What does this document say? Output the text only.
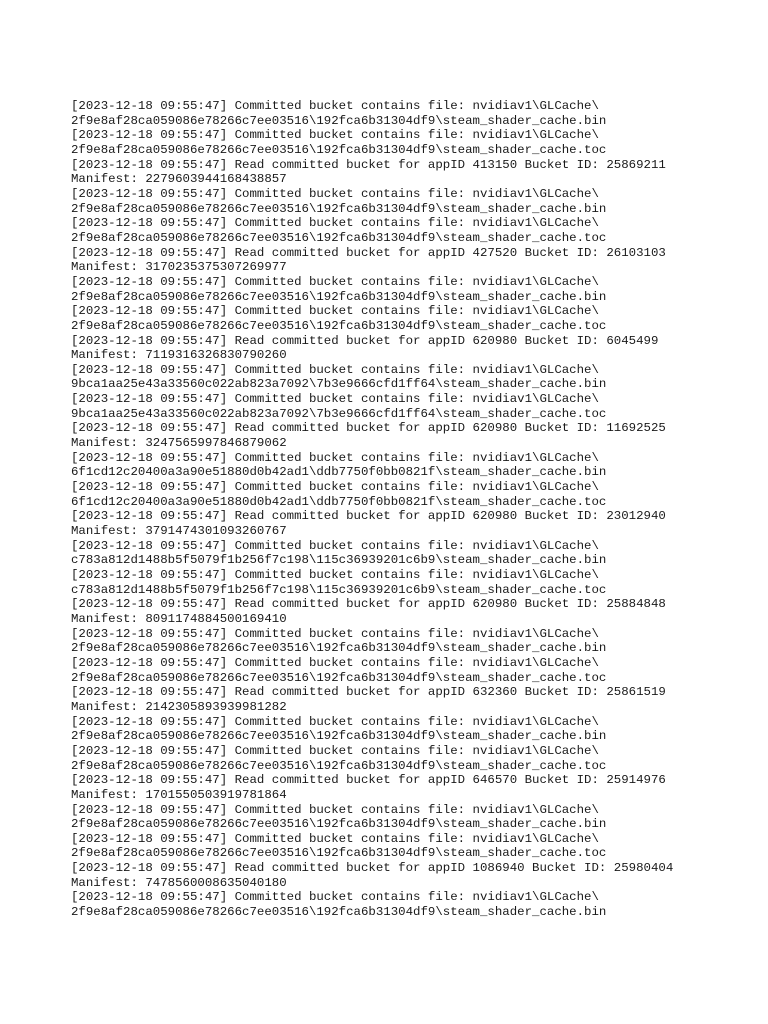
[2023-12-18 09:55:47] Committed bucket contains file: nvidiav1\GLCache\
2f9e8af28ca059086e78266c7ee03516\192fca6b31304df9\steam_shader_cache.bin
[2023-12-18 09:55:47] Committed bucket contains file: nvidiav1\GLCache\
2f9e8af28ca059086e78266c7ee03516\192fca6b31304df9\steam_shader_cache.toc
[2023-12-18 09:55:47] Read committed bucket for appID 413150 Bucket ID: 25869211
Manifest: 2279603944168438857
[2023-12-18 09:55:47] Committed bucket contains file: nvidiav1\GLCache\
2f9e8af28ca059086e78266c7ee03516\192fca6b31304df9\steam_shader_cache.bin
[2023-12-18 09:55:47] Committed bucket contains file: nvidiav1\GLCache\
2f9e8af28ca059086e78266c7ee03516\192fca6b31304df9\steam_shader_cache.toc
[2023-12-18 09:55:47] Read committed bucket for appID 427520 Bucket ID: 26103103
Manifest: 3170235375307269977
[2023-12-18 09:55:47] Committed bucket contains file: nvidiav1\GLCache\
2f9e8af28ca059086e78266c7ee03516\192fca6b31304df9\steam_shader_cache.bin
[2023-12-18 09:55:47] Committed bucket contains file: nvidiav1\GLCache\
2f9e8af28ca059086e78266c7ee03516\192fca6b31304df9\steam_shader_cache.toc
[2023-12-18 09:55:47] Read committed bucket for appID 620980 Bucket ID: 6045499
Manifest: 7119316326830790260
[2023-12-18 09:55:47] Committed bucket contains file: nvidiav1\GLCache\
9bca1aa25e43a33560c022ab823a7092\7b3e9666cfd1ff64\steam_shader_cache.bin
[2023-12-18 09:55:47] Committed bucket contains file: nvidiav1\GLCache\
9bca1aa25e43a33560c022ab823a7092\7b3e9666cfd1ff64\steam_shader_cache.toc
[2023-12-18 09:55:47] Read committed bucket for appID 620980 Bucket ID: 11692525
Manifest: 3247565997846879062
[2023-12-18 09:55:47] Committed bucket contains file: nvidiav1\GLCache\
6f1cd12c20400a3a90e51880d0b42ad1\ddb7750f0bb0821f\steam_shader_cache.bin
[2023-12-18 09:55:47] Committed bucket contains file: nvidiav1\GLCache\
6f1cd12c20400a3a90e51880d0b42ad1\ddb7750f0bb0821f\steam_shader_cache.toc
[2023-12-18 09:55:47] Read committed bucket for appID 620980 Bucket ID: 23012940
Manifest: 3791474301093260767
[2023-12-18 09:55:47] Committed bucket contains file: nvidiav1\GLCache\
c783a812d1488b5f5079f1b256f7c198\115c36939201c6b9\steam_shader_cache.bin
[2023-12-18 09:55:47] Committed bucket contains file: nvidiav1\GLCache\
c783a812d1488b5f5079f1b256f7c198\115c36939201c6b9\steam_shader_cache.toc
[2023-12-18 09:55:47] Read committed bucket for appID 620980 Bucket ID: 25884848
Manifest: 8091174884500169410
[2023-12-18 09:55:47] Committed bucket contains file: nvidiav1\GLCache\
2f9e8af28ca059086e78266c7ee03516\192fca6b31304df9\steam_shader_cache.bin
[2023-12-18 09:55:47] Committed bucket contains file: nvidiav1\GLCache\
2f9e8af28ca059086e78266c7ee03516\192fca6b31304df9\steam_shader_cache.toc
[2023-12-18 09:55:47] Read committed bucket for appID 632360 Bucket ID: 25861519
Manifest: 2142305893939981282
[2023-12-18 09:55:47] Committed bucket contains file: nvidiav1\GLCache\
2f9e8af28ca059086e78266c7ee03516\192fca6b31304df9\steam_shader_cache.bin
[2023-12-18 09:55:47] Committed bucket contains file: nvidiav1\GLCache\
2f9e8af28ca059086e78266c7ee03516\192fca6b31304df9\steam_shader_cache.toc
[2023-12-18 09:55:47] Read committed bucket for appID 646570 Bucket ID: 25914976
Manifest: 1701550503919781864
[2023-12-18 09:55:47] Committed bucket contains file: nvidiav1\GLCache\
2f9e8af28ca059086e78266c7ee03516\192fca6b31304df9\steam_shader_cache.bin
[2023-12-18 09:55:47] Committed bucket contains file: nvidiav1\GLCache\
2f9e8af28ca059086e78266c7ee03516\192fca6b31304df9\steam_shader_cache.toc
[2023-12-18 09:55:47] Read committed bucket for appID 1086940 Bucket ID: 25980404
Manifest: 7478560008635040180
[2023-12-18 09:55:47] Committed bucket contains file: nvidiav1\GLCache\
2f9e8af28ca059086e78266c7ee03516\192fca6b31304df9\steam_shader_cache.bin
